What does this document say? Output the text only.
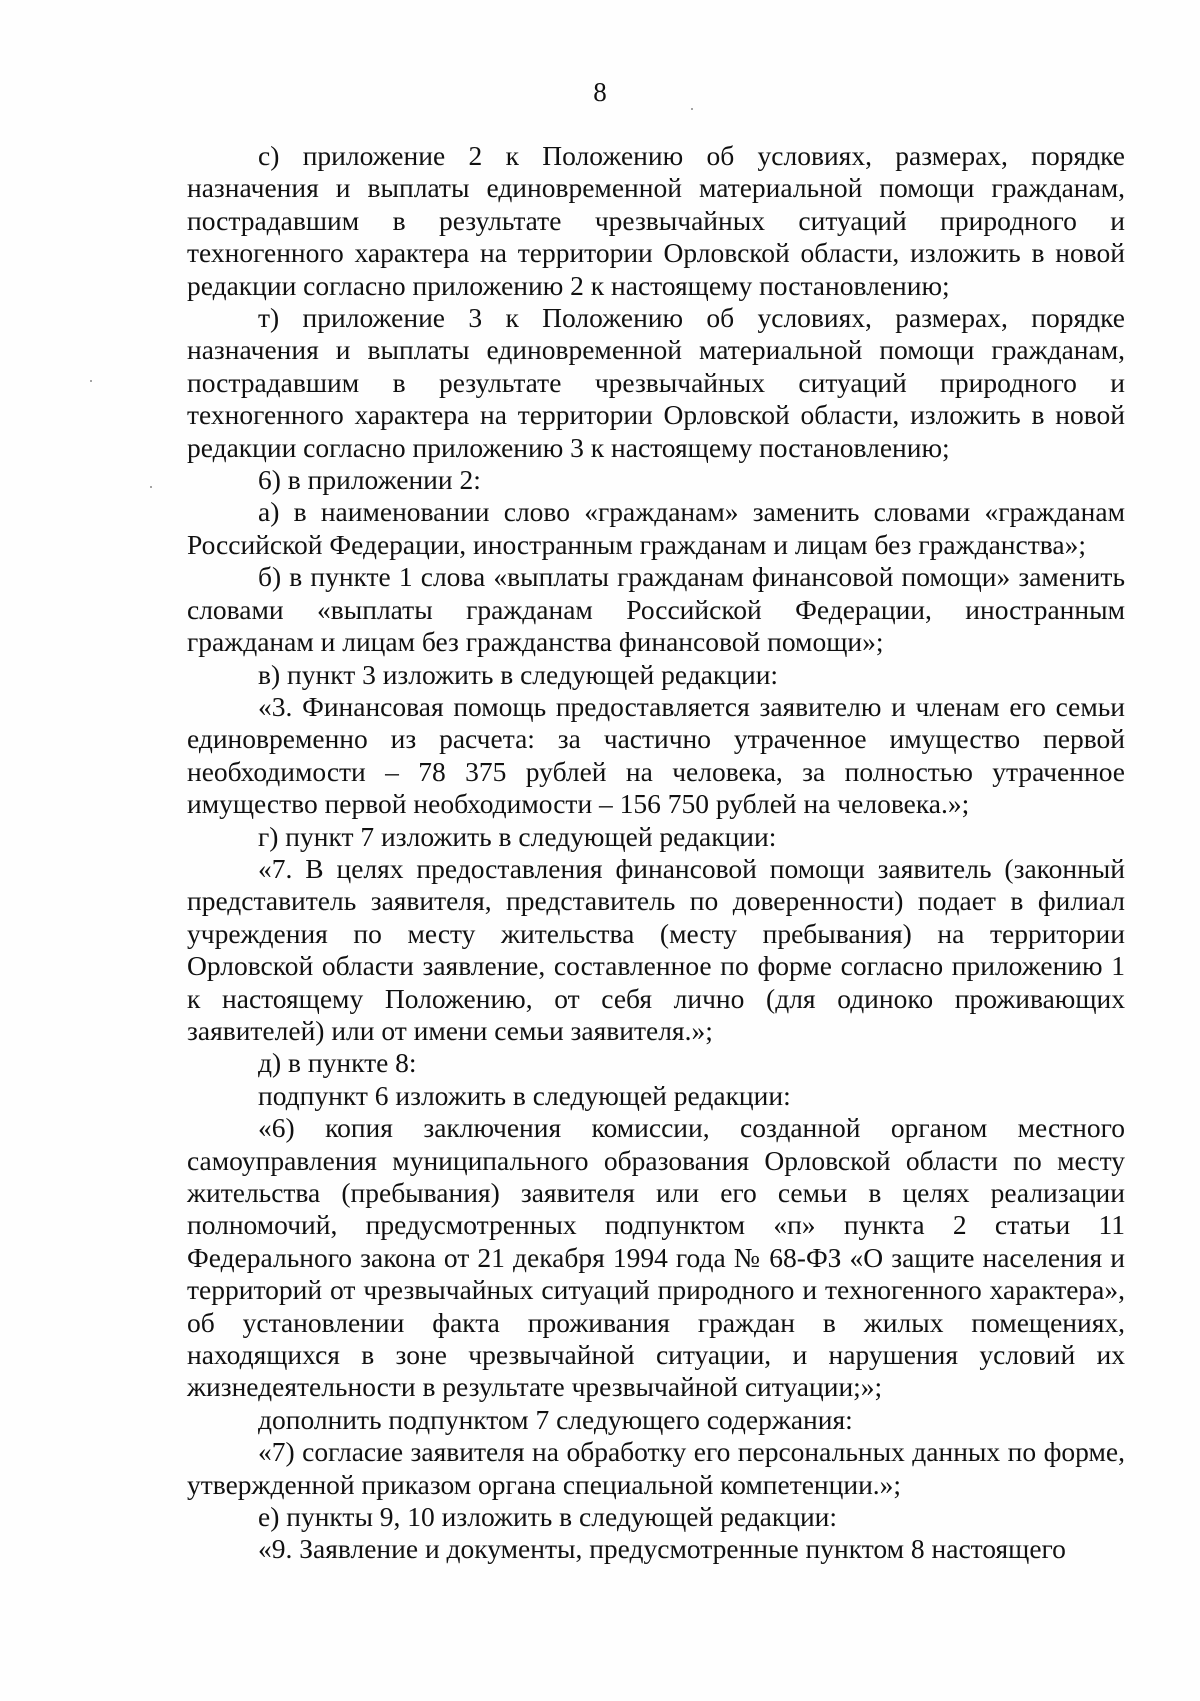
8

с) приложение 2 к Положению об условиях, размерах, порядке назначения и выплаты единовременной материальной помощи гражданам, пострадавшим в результате чрезвычайных ситуаций природного и техногенного характера на территории Орловской области, изложить в новой редакции согласно приложению 2 к настоящему постановлению;

т) приложение 3 к Положению об условиях, размерах, порядке назначения и выплаты единовременной материальной помощи гражданам, пострадавшим в результате чрезвычайных ситуаций природного и техногенного характера на территории Орловской области, изложить в новой редакции согласно приложению 3 к настоящему постановлению;

6) в приложении 2:

а) в наименовании слово «гражданам» заменить словами «гражданам Российской Федерации, иностранным гражданам и лицам без гражданства»;

б) в пункте 1 слова «выплаты гражданам финансовой помощи» заменить словами «выплаты гражданам Российской Федерации, иностранным гражданам и лицам без гражданства финансовой помощи»;

в) пункт 3 изложить в следующей редакции:

«3. Финансовая помощь предоставляется заявителю и членам его семьи единовременно из расчета: за частично утраченное имущество первой необходимости – 78 375 рублей на человека, за полностью утраченное имущество первой необходимости – 156 750 рублей на человека.»;

г) пункт 7 изложить в следующей редакции:

«7. В целях предоставления финансовой помощи заявитель (законный представитель заявителя, представитель по доверенности) подает в филиал учреждения по месту жительства (месту пребывания) на территории Орловской области заявление, составленное по форме согласно приложению 1 к настоящему Положению, от себя лично (для одиноко проживающих заявителей) или от имени семьи заявителя.»;

д) в пункте 8:

подпункт 6 изложить в следующей редакции:

«6) копия заключения комиссии, созданной органом местного самоуправления муниципального образования Орловской области по месту жительства (пребывания) заявителя или его семьи в целях реализации полномочий, предусмотренных подпунктом «п» пункта 2 статьи 11 Федерального закона от 21 декабря 1994 года № 68-ФЗ «О защите населения и территорий от чрезвычайных ситуаций природного и техногенного характера», об установлении факта проживания граждан в жилых помещениях, находящихся в зоне чрезвычайной ситуации, и нарушения условий их жизнедеятельности в результате чрезвычайной ситуации;»;

дополнить подпунктом 7 следующего содержания:

«7) согласие заявителя на обработку его персональных данных по форме, утвержденной приказом органа специальной компетенции.»;

е) пункты 9, 10 изложить в следующей редакции:

«9. Заявление и документы, предусмотренные пунктом 8 настоящего
